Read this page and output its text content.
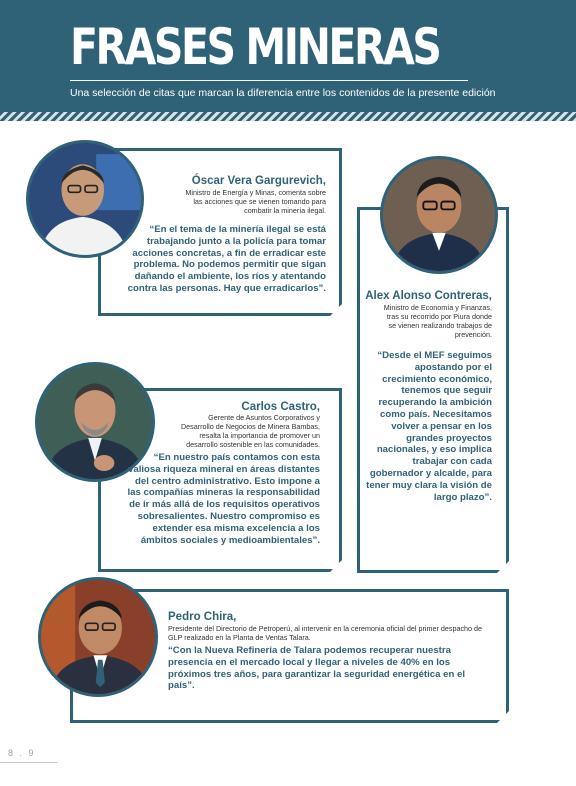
FRASES MINERAS

Una selección de citas que marcan la diferencia entre los contenidos de la presente edición

Óscar Vera Gargurevich,

Ministro de Energía y Minas, comenta sobre las acciones que se vienen tomando para combatir la minería ilegal.

“En el tema de la minería ilegal se está trabajando junto a la policía para tomar acciones concretas, a fin de erradicar este problema. No podemos permitir que sigan dañando el ambiente, los ríos y atentando contra las personas. Hay que erradicarlos”.

Alex Alonso Contreras,

Ministro de Economía y Finanzas, tras su recorrido por Piura donde se vienen realizando trabajos de prevención.

“Desde el MEF seguimos apostando por el crecimiento económico, tenemos que seguir recuperando la ambición como país. Necesitamos volver a pensar en los grandes proyectos nacionales, y eso implica trabajar con cada gobernador y alcalde, para tener muy clara la visión de largo plazo”.

Carlos Castro,

Gerente de Asuntos Corporativos y Desarrollo de Negocios de Minera Bambas, resalta la importancia de promover un desarrollo sostenible en las comunidades.

“En nuestro país contamos con esta valiosa riqueza mineral en áreas distantes del centro administrativo. Esto impone a las compañías mineras la responsabilidad de ir más allá de los requisitos operativos sobresalientes. Nuestro compromiso es extender esa misma excelencia a los ámbitos sociales y medioambientales”.

Pedro Chira,

Presidente del Directorio de Petroperú, al intervenir en la ceremonia oficial del primer despacho de GLP realizado en la Planta de Ventas Talara.

“Con la Nueva Refinería de Talara podemos recuperar nuestra presencia en el mercado local y llegar a niveles de 40% en los próximos tres años, para garantizar la seguridad energética en el país”.

8 . 9
